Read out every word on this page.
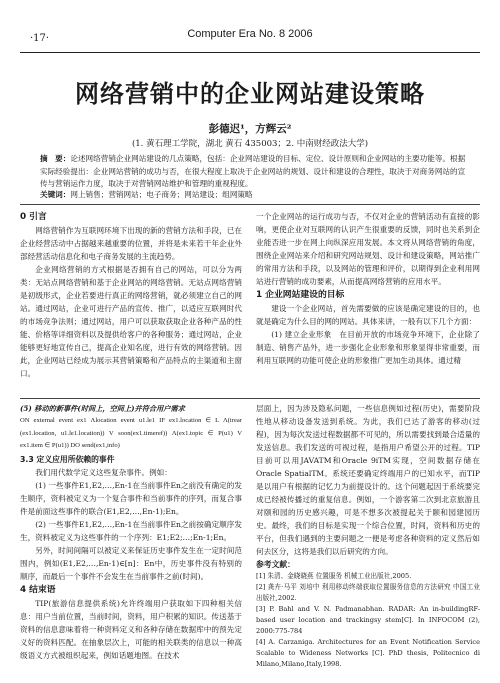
·17·	Computer Era No. 8 2006
网络营销中的企业网站建设策略
彭德迟¹，方辉云²
(1. 黄石理工学院，湖北 黄石 435003；2. 中南财经政法大学)
摘　要：论述网络营销企业网站建设的几点策略，包括：企业网站建设的目标、定位、设计原则和企业网站的主要功能等。根据实际经验提出：企业网站营销的成功与否，在很大程度上取决于企业网站的规划、设计和建设的合理性，取决于对商务网站的宣传与营销运作力度，取决于对营销网站维护和管理的重视程度。
关键词：网上销售；营销网站；电子商务；网站建设；组网策略
0 引言

网络营销作为互联网环境下出现的新的营销方法和手段，已在企业经营活动中占据越来越重要的位置，并将是未来若干年企业外部经营活动信息化和电子商务发展的主流趋势。

企业网络营销的方式根据是否拥有自己的网站，可以分为两类：无站点网络营销和基于企业网站的网络营销。无站点网络营销是初级形式，企业若要进行真正的网络营销，就必须建立自己的网站。通过网站，企业可进行产品的宣传、推广，以适应互联网时代的市场竞争法则；通过网站，用户可以获取获取企业各种产品的性能、价格等详细资料以及提供给客户的各种服务；通过网站，企业能够更好地宣传自己，提高企业知名度，进行有效的网络营销。因此，企业网站已经成为展示其营销策略和产品特点的主渠道和主窗口。

一个企业网站的运行成功与否，不仅对企业的营销活动有直接的影响，更使企业对互联网的认识产生很重要的反馈，同时也关系到企业能否进一步在网上向纵深应用发展。本文将从网络营销的角度，围绕企业网站来介绍和研究网站规划、设计和建设策略，网站推广的常用方法和手段，以及网站的管理和评价，以期得到企业利用网站进行营销的成功要素，从而提高网络营销的应用水平。

1 企业网站建设的目标

建设一个企业网站，首先需要做的应该是确定建设的目的，也就是确定为什么目的网的网站。具体来讲，一般有以下几个方面：

(1) 建立企业形象　在目前开放的市场竞争环境下，企业除了制造、销售产品外，进一步强化企业形象和形象显得非常重要，而利用互联网的功能可使企业的形象推广更加生动具体。通过精

(5) 移动的新事件(时间上，空间上)并符合用户需求
ON external event ex1 Λlocation event u1.le1 IF ex1.location ∈ L Λ(trear (ex1.location, u1.le1.location)) V soon(ex1.timeref)) Λ(ex1.topic ∈ P(u1) V ex1.item ∈ P(u1)) DO send(ex1,info)
3.3 定义应用所依赖的事件

我们用代数学定义这些复杂事件。例如：

(1) 一些事件E1,E2,…,En-1在当前事件En之前没有确定的发生顺序，资料被定义为一个复合事件和当前事件的序列，而复合事件是前面这些事件的联合(E1,E2,…,En-1);En。

(2) 一些事件E1,E2,…,En-1在当前事件En之前按确定顺序发生，资料被定义为这些事件的一个序列：E1;E2;…;En-1;En。

另外，时间间隔可以被定义来保证历史事件发生在一定时间范围内，例如(E1,E2,…,En-1)∈[n]：En中，历史事件没有特别的顺序，而最后一个事件不会发生在当前事件之前(时间)。

4 结束语

TIP(旅游信息提供系统)允许终端用户获取如下四种相关信息：用户当前位置，当前时间，资料，用户积累的知识。传送基于资料的信息意味着将一种资料定义和各种存储在数据库中的预先定义好的资料匹配。在抽象层次上，可能的相关联类的信息以一种高级语义方式被组织起来，例如话题地图。在技术

层面上，因为涉及隐私问题，一些信息例如过程(历史)，需要阶段性地从移动设备发送到系统。为此，我们已达了游客的移动(过程)，因为每次发送过程数据都不可见的，所以需要找到最合适量的发送信息。我们发送的可视过程，是指用户希望公开的过程。TIP目前可以用JAVATM和Oracle 9iTM实现，空间数据存储在Oracle SpatialTM。系统还要确定终端用户的已知水平，而TIP是以用户有根据的记忆力为前提设计的。这个问题起因于系统要完成已经被传播过的重复信息。例如，一个游客第二次到北京旅游且对颐和园的历史感兴趣，可是不想多次被提起关于颐和园建园历史。最终，我们的目标是实现一个综合位置，时间，资料和历史的平台，但我们遇到的主要问题之一便是考虑各种资料的定义然后如何去区分，这将是我们以后研究的方向。

参考文献：
[1] 朱清、金晓晓燕 位置服务 机械工业出版社,2005.
[2] 龚卉·马平 刘培中 利用移动终端获取位置服务信息的方法研究 中国工业出版社,2002.
[3] P. Bahl and V. N. Padmanabhan. RADAR: An in-buildingRF-based user location and trackingsy stem[C]. In INFOCOM (2), 2000:775-784
[4] A. Carzaniga. Architectures for an Event Notification Service Scalable to Wideness Networks [C]. PhD thesis, Politecnico di Milano,Milano,Italy,1998.
